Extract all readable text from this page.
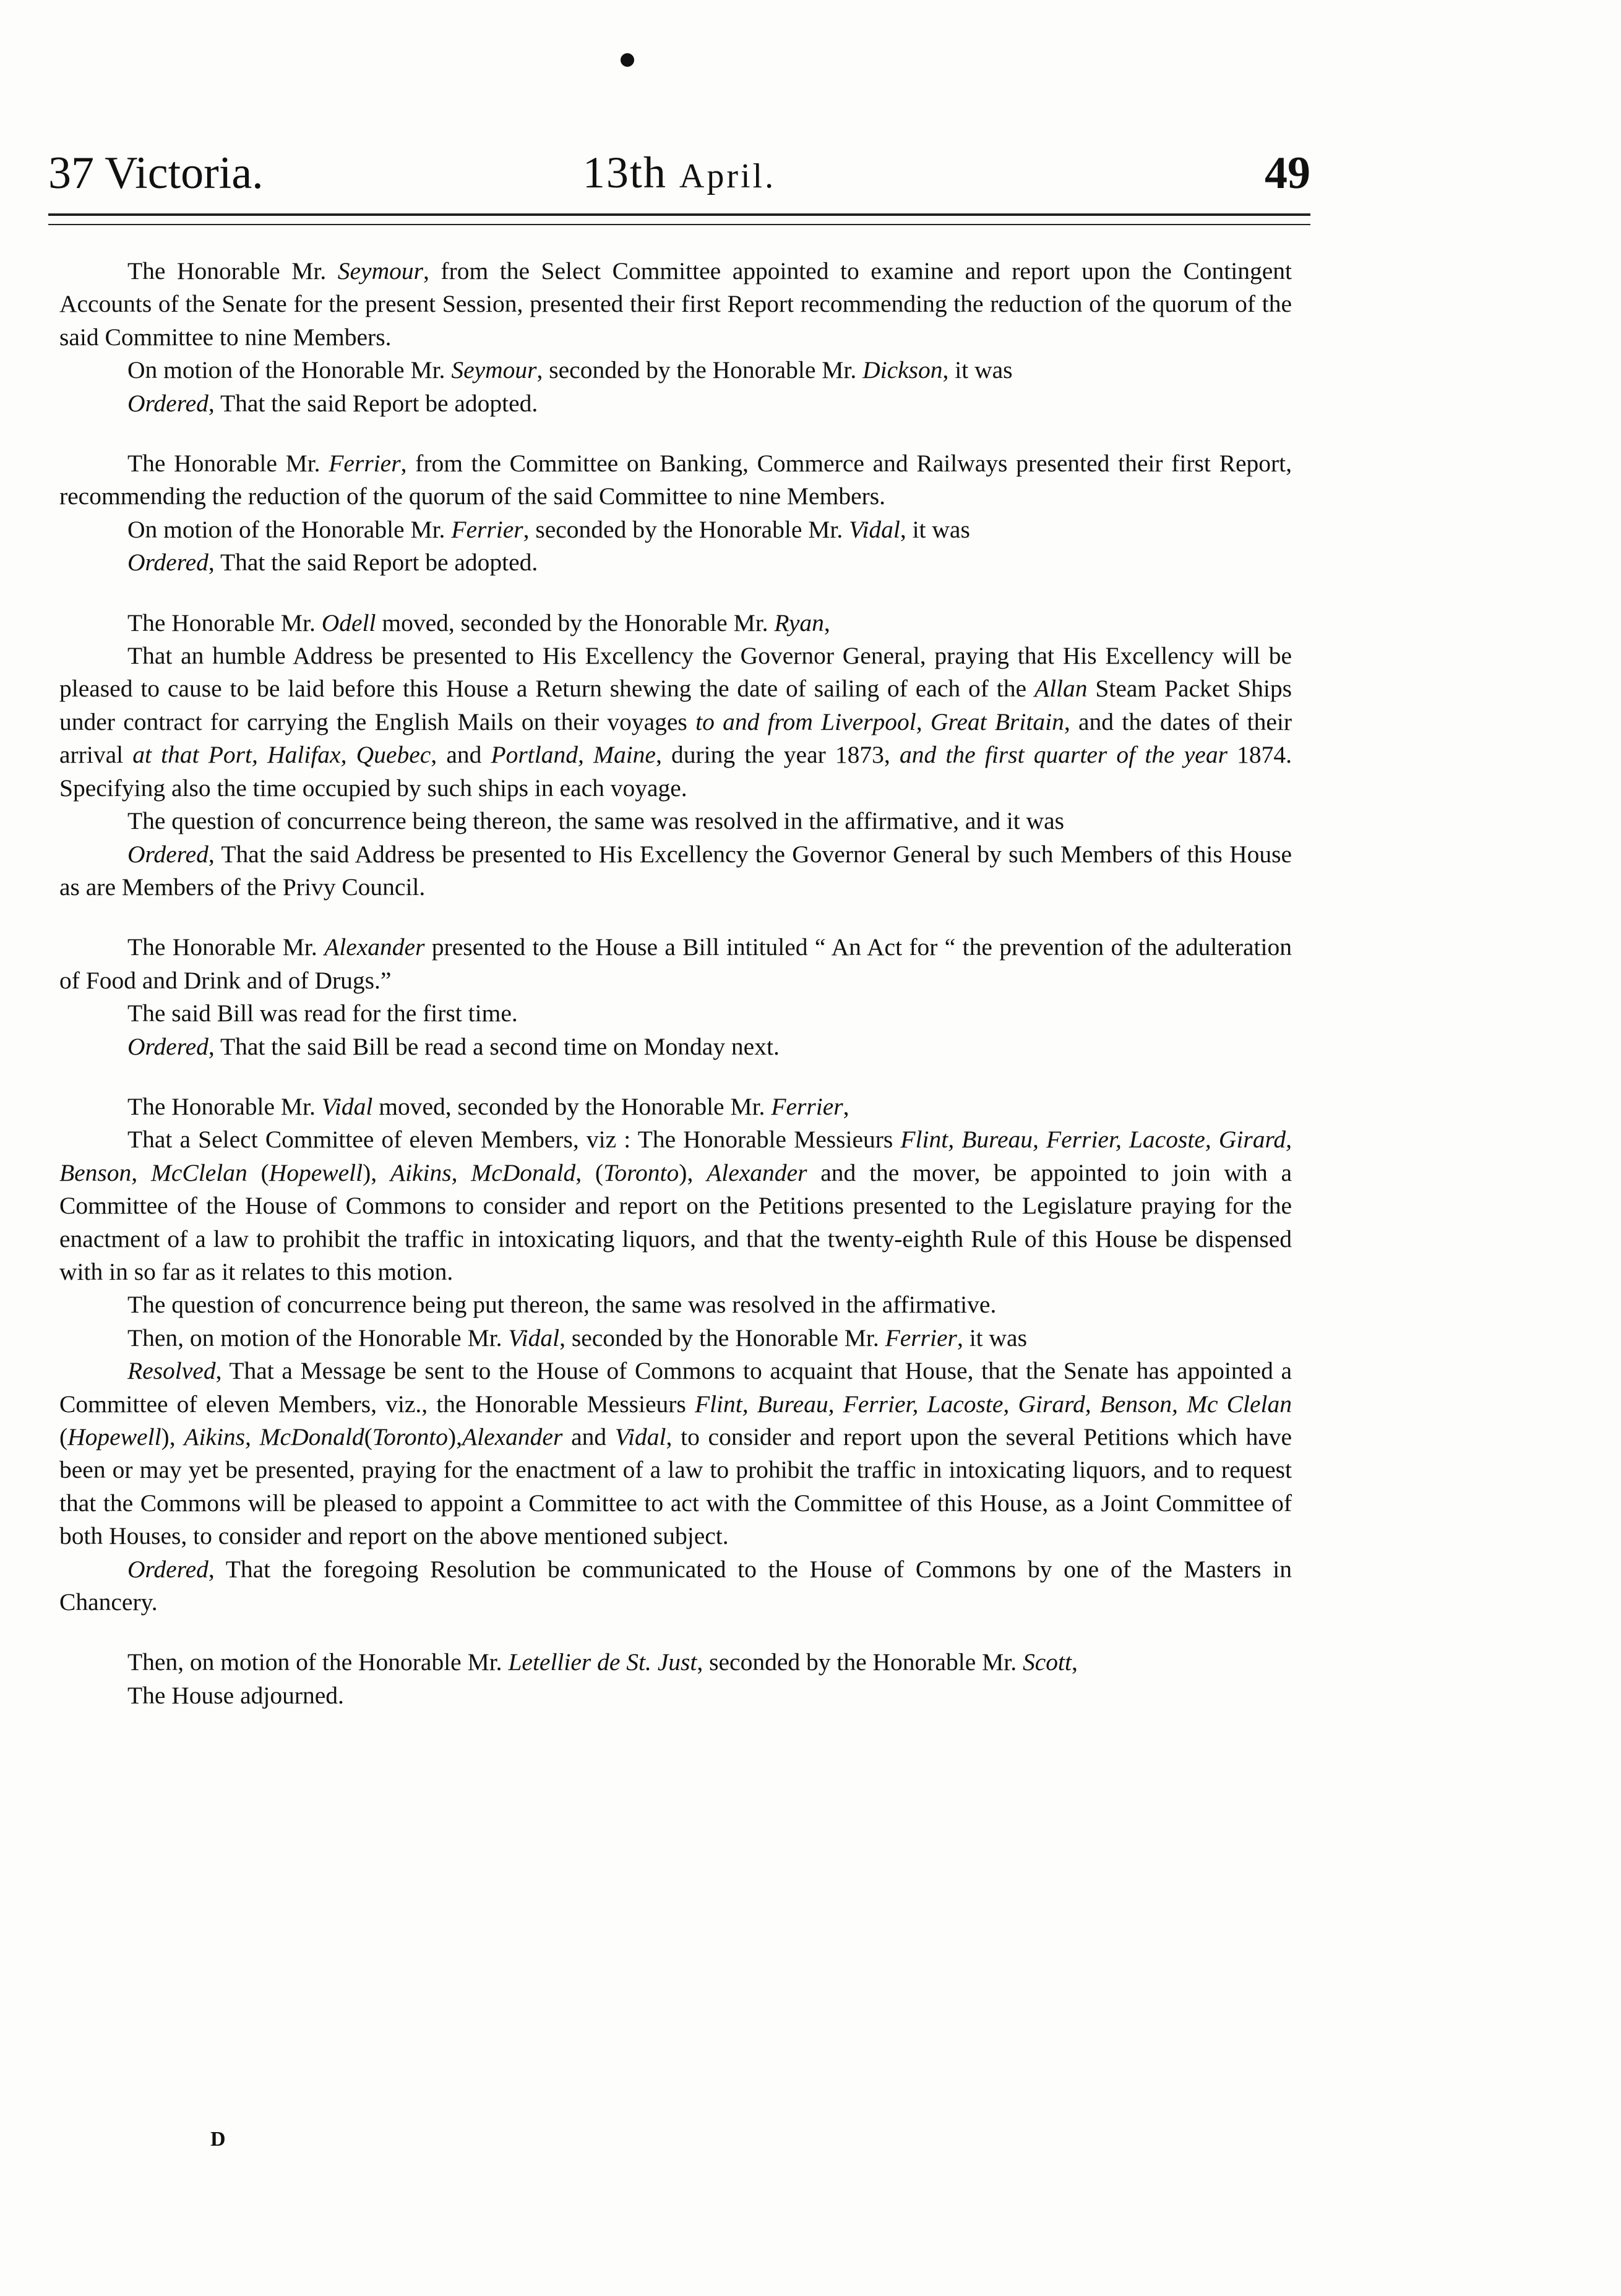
37 Victoria.	13th April.	49

The Honorable Mr. Seymour, from the Select Committee appointed to examine and report upon the Contingent Accounts of the Senate for the present Session, presented their first Report recommending the reduction of the quorum of the said Committee to nine Members.

On motion of the Honorable Mr. Seymour, seconded by the Honorable Mr. Dickson, it was

Ordered, That the said Report be adopted.

The Honorable Mr. Ferrier, from the Committee on Banking, Commerce and Railways presented their first Report, recommending the reduction of the quorum of the said Committee to nine Members.

On motion of the Honorable Mr. Ferrier, seconded by the Honorable Mr. Vidal, it was

Ordered, That the said Report be adopted.

The Honorable Mr. Odell moved, seconded by the Honorable Mr. Ryan,

That an humble Address be presented to His Excellency the Governor General, praying that His Excellency will be pleased to cause to be laid before this House a Return shewing the date of sailing of each of the Allan Steam Packet Ships under contract for carrying the English Mails on their voyages to and from Liverpool, Great Britain, and the dates of their arrival at that Port, Halifax, Quebec, and Portland, Maine, during the year 1873, and the first quarter of the year 1874. Specifying also the time occupied by such ships in each voyage.

The question of concurrence being thereon, the same was resolved in the affirmative, and it was

Ordered, That the said Address be presented to His Excellency the Governor General by such Members of this House as are Members of the Privy Council.

The Honorable Mr. Alexander presented to the House a Bill intituled “ An Act for “ the prevention of the adulteration of Food and Drink and of Drugs.”

The said Bill was read for the first time.

Ordered, That the said Bill be read a second time on Monday next.

The Honorable Mr. Vidal moved, seconded by the Honorable Mr. Ferrier,

That a Select Committee of eleven Members, viz : The Honorable Messieurs Flint, Bureau, Ferrier, Lacoste, Girard, Benson, McClelan (Hopewell), Aikins, McDonald, (Toronto), Alexander and the mover, be appointed to join with a Committee of the House of Commons to consider and report on the Petitions presented to the Legislature praying for the enactment of a law to prohibit the traffic in intoxicating liquors, and that the twenty-eighth Rule of this House be dispensed with in so far as it relates to this motion.

The question of concurrence being put thereon, the same was resolved in the affirmative.

Then, on motion of the Honorable Mr. Vidal, seconded by the Honorable Mr. Ferrier, it was

Resolved, That a Message be sent to the House of Commons to acquaint that House, that the Senate has appointed a Committee of eleven Members, viz., the Honorable Messieurs Flint, Bureau, Ferrier, Lacoste, Girard, Benson, Mc Clelan (Hopewell), Aikins, McDonald(Toronto),Alexander and Vidal, to consider and report upon the several Petitions which have been or may yet be presented, praying for the enactment of a law to prohibit the traffic in intoxicating liquors, and to request that the Commons will be pleased to appoint a Committee to act with the Committee of this House, as a Joint Committee of both Houses, to consider and report on the above mentioned subject.

Ordered, That the foregoing Resolution be communicated to the House of Commons by one of the Masters in Chancery.

Then, on motion of the Honorable Mr. Letellier de St. Just, seconded by the Honorable Mr. Scott,

The House adjourned.

D
